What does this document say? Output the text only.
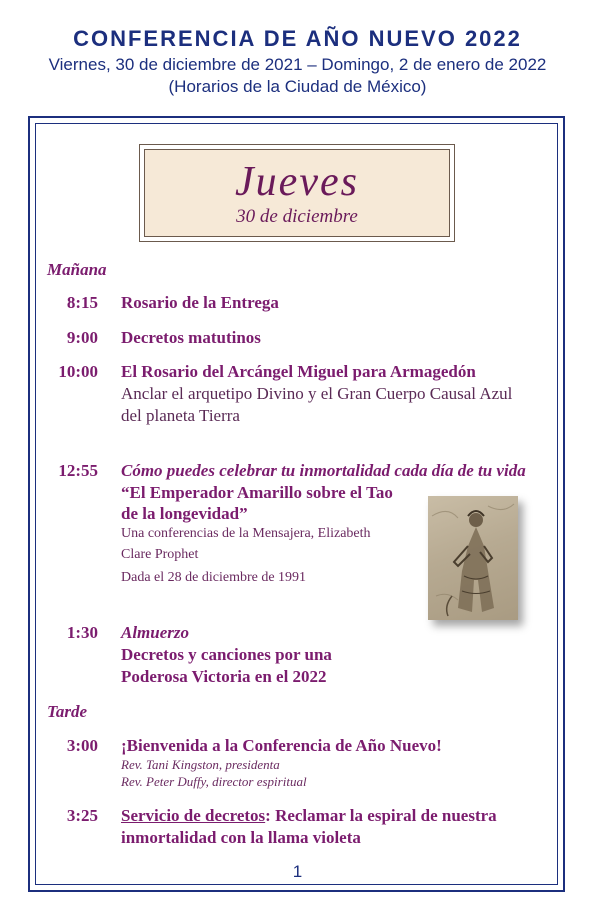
CONFERENCIA DE AÑO NUEVO 2022
Viernes, 30 de diciembre de 2021 – Domingo, 2 de enero de 2022
(Horarios de la Ciudad de México)
Jueves
30 de diciembre
Mañana
8:15 Rosario de la Entrega
9:00 Decretos matutinos
10:00 El Rosario del Arcángel Miguel para Armagedón
Anclar el arquetipo Divino y el Gran Cuerpo Causal Azul
del planeta Tierra
12:55 Cómo puedes celebrar tu inmortalidad cada día de tu vida
“El Emperador Amarillo sobre el Tao
de la longevidad”
Una conferencias de la Mensajera, Elizabeth
Clare Prophet
Dada el 28 de diciembre de 1991
1:30 Almuerzo
Decretos y canciones por una
Poderosa Victoria en el 2022
Tarde
3:00 ¡Bienvenida a la Conferencia de Año Nuevo!
Rev. Tani Kingston, presidenta
Rev. Peter Duffy, director espiritual
3:25 Servicio de decretos: Reclamar la espiral de nuestra
inmortalidad con la llama violeta
1
